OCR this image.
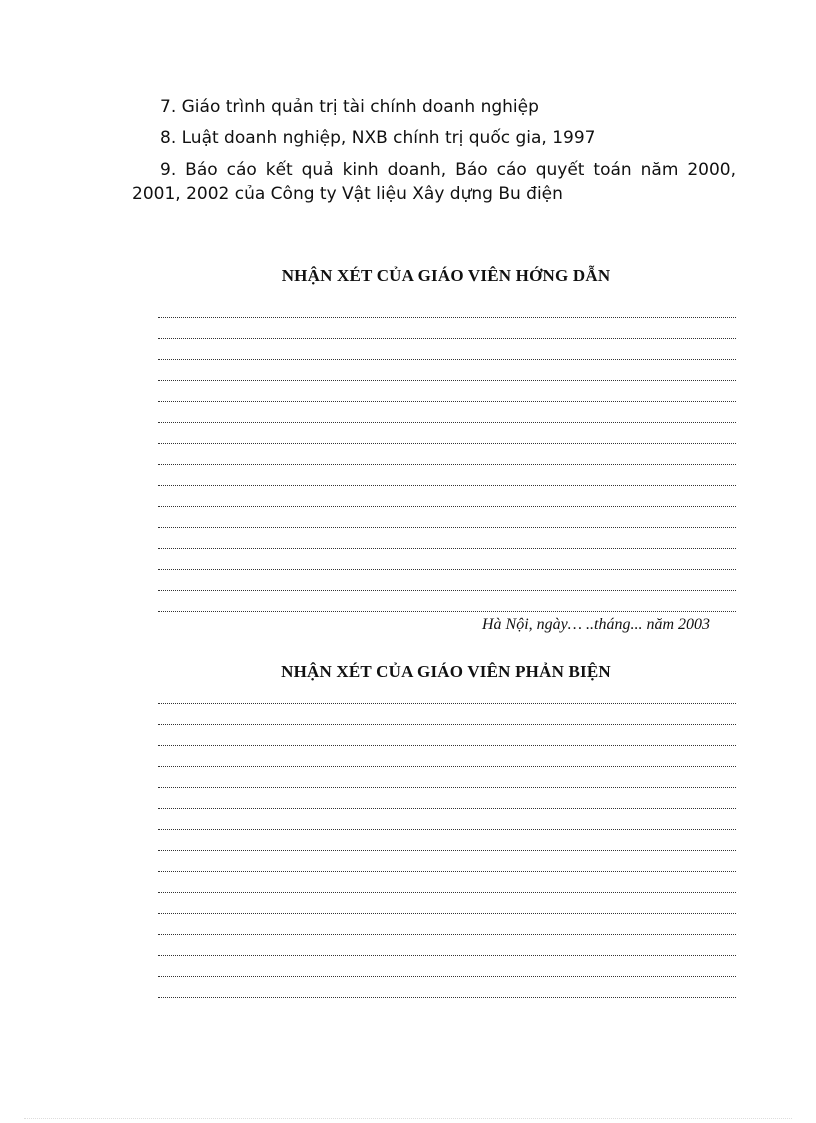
7. Giáo trình quản trị tài chính doanh nghiệp

8. Luật doanh nghiệp, NXB chính trị quốc gia, 1997

9. Báo cáo kết quả kinh doanh, Báo cáo quyết toán năm 2000, 2001, 2002 của Công ty Vật liệu Xây dựng Bu điện

NHẬN XÉT CỦA GIÁO VIÊN HỚNG DẪN
Hà Nội, ngày… ..tháng... năm 2003
NHẬN XÉT CỦA GIÁO VIÊN PHẢN BIỆN
